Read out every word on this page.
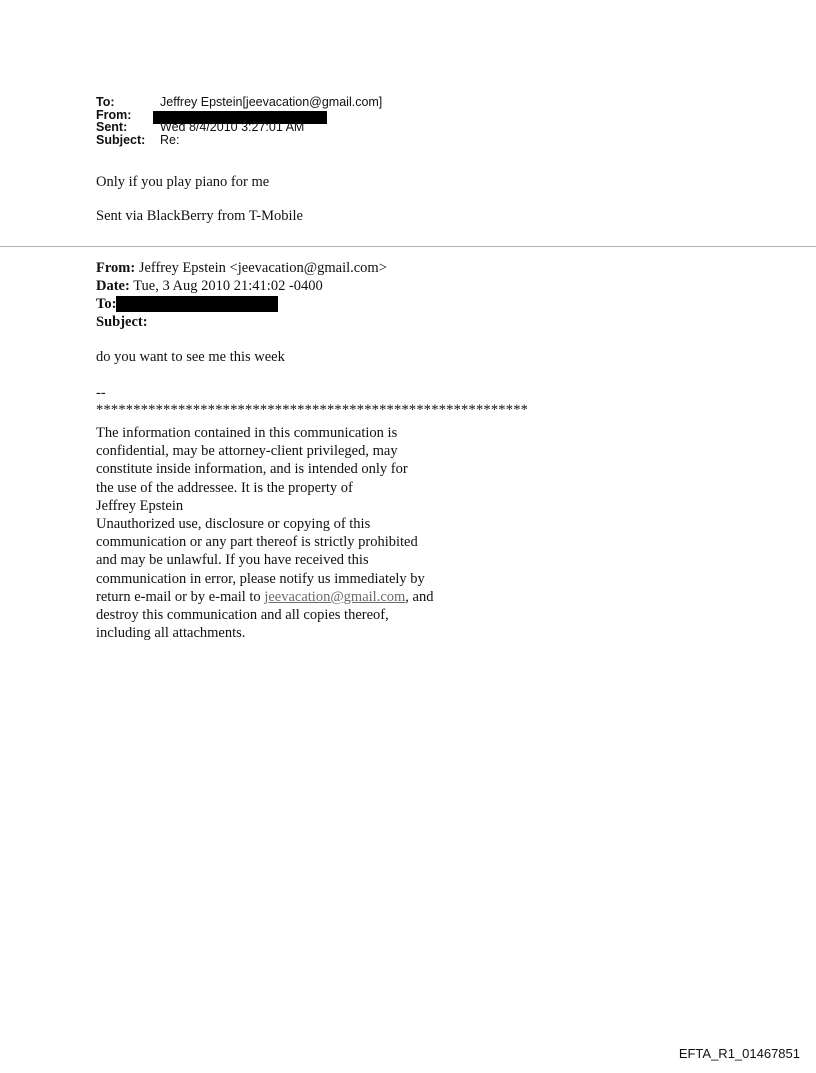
To:	Jeffrey Epstein[jeevacation@gmail.com]
From:
Sent:	Wed 8/4/2010 3:27:01 AM
Subject: Re:
Only if you play piano for me
Sent via BlackBerry from T-Mobile
From: Jeffrey Epstein <jeevacation@gmail.com>
Date: Tue, 3 Aug 2010 21:41:02 -0400
To:
Subject:
do you want to see me this week
--
**********************************************************
The information contained in this communication is
confidential, may be attorney-client privileged, may
constitute inside information, and is intended only for
the use of the addressee. It is the property of
Jeffrey Epstein
Unauthorized use, disclosure or copying of this
communication or any part thereof is strictly prohibited
and may be unlawful. If you have received this
communication in error, please notify us immediately by
return e-mail or by e-mail to jeevacation@gmail.com, and
destroy this communication and all copies thereof,
including all attachments.
EFTA_R1_01467851
